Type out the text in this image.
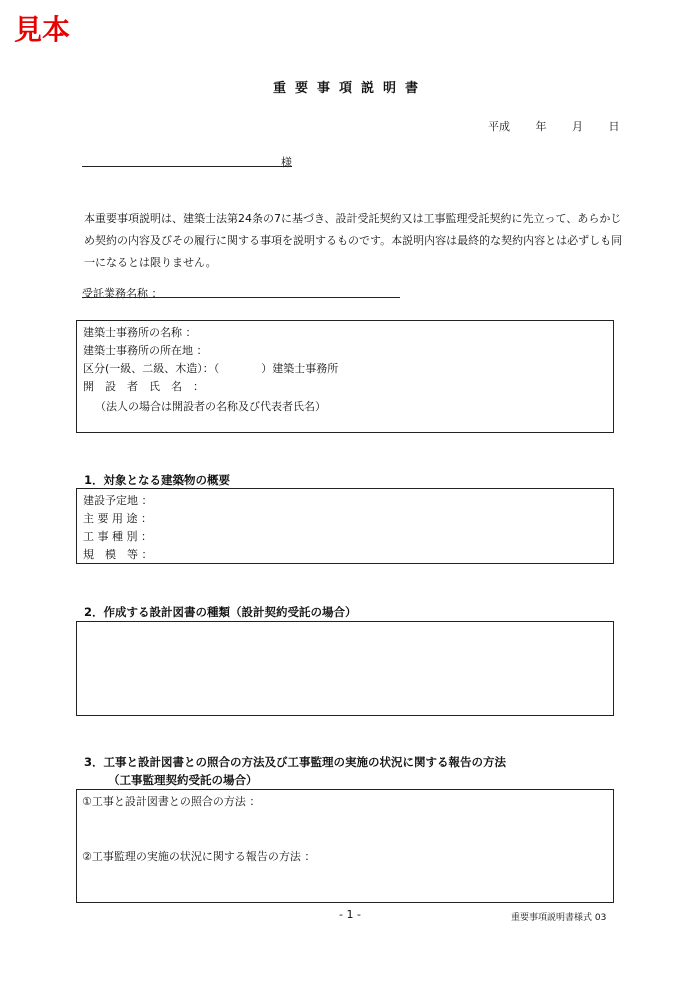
見本
重要事項説明書
平成 年 月 日
様
本重要事項説明は、建築士法第24条の7に基づき、設計受託契約又は工事監理受託契約に先立って、あらかじめ契約の内容及びその履行に関する事項を説明するものです。本説明内容は最終的な契約内容とは必ずしも同一になるとは限りません。
受託業務名称 ：
建築士事務所の名称 ：
建築士事務所の所在地 ：
区分(一級、二級、木造）：（	）建築士事務所
開　設　者　氏　名　：
（法人の場合は開設者の名称及び代表者氏名）
1．対象となる建築物の概要
建設予定地 ：
主 要 用 途 ：
工 事 種 別 ：
規　模　等 ：
2．作成する設計図書の種類（設計契約受託の場合）
3．工事と設計図書との照合の方法及び工事監理の実施の状況に関する報告の方法
（工事監理契約受託の場合）
①工事と設計図書との照合の方法 ：
②工事監理の実施の状況に関する報告の方法 ：
- 1 -	重要事項説明書様式 03
